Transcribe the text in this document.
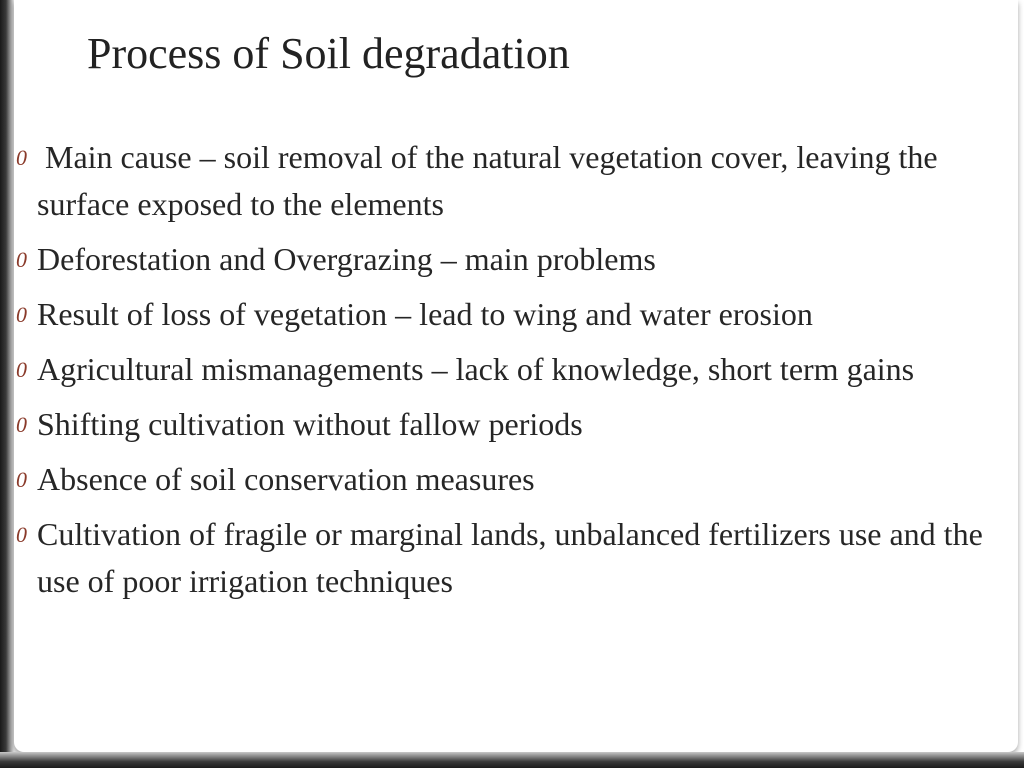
Process of Soil degradation
0 Main cause – soil removal of the natural vegetation cover, leaving the surface exposed to the elements
0 Deforestation and Overgrazing – main problems
0 Result of loss of vegetation – lead to wing and water erosion
0 Agricultural mismanagements – lack of knowledge, short term gains
0 Shifting cultivation without fallow periods
0 Absence of soil conservation measures
0 Cultivation of fragile or marginal lands, unbalanced fertilizers use and the use of poor irrigation techniques
